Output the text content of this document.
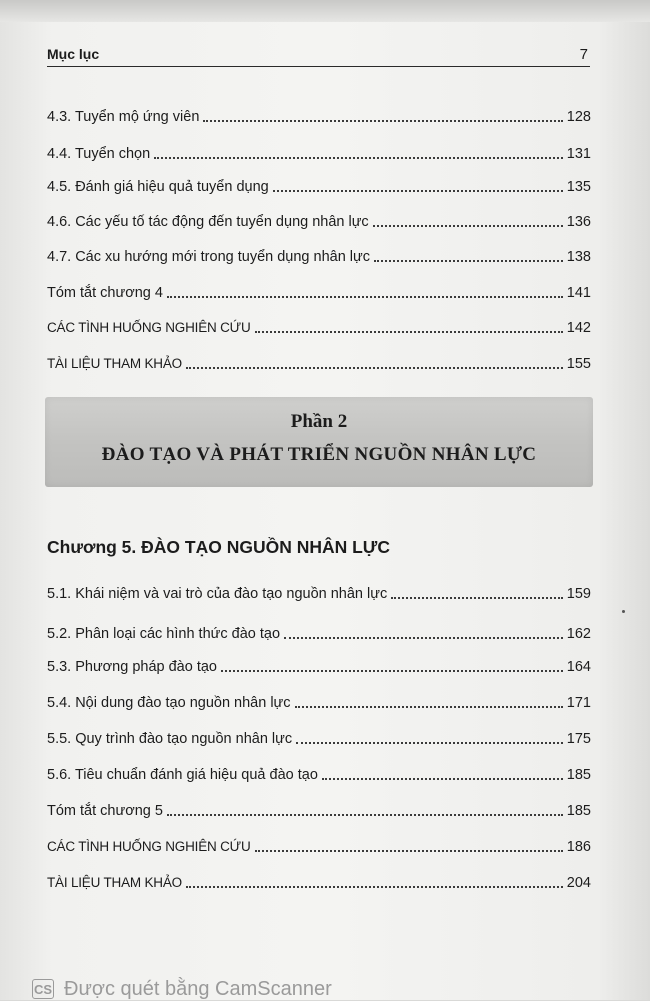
Mục lục	7
4.3. Tuyển mộ ứng viên	128
4.4. Tuyển chọn	131
4.5. Đánh giá hiệu quả tuyển dụng	135
4.6. Các yếu tố tác động đến tuyển dụng nhân lực	136
4.7. Các xu hướng mới trong tuyển dụng nhân lực	138
Tóm tắt chương 4	141
CÁC TÌNH HUỐNG NGHIÊN CỨU	142
TÀI LIỆU THAM KHẢO	155
Phần 2
ĐÀO TẠO VÀ PHÁT TRIỂN NGUỒN NHÂN LỰC
Chương 5. ĐÀO TẠO NGUỒN NHÂN LỰC
5.1. Khái niệm và vai trò của đào tạo nguồn nhân lực	159
5.2. Phân loại các hình thức đào tạo	162
5.3. Phương pháp đào tạo	164
5.4. Nội dung đào tạo nguồn nhân lực	171
5.5. Quy trình đào tạo nguồn nhân lực	175
5.6. Tiêu chuẩn đánh giá hiệu quả đào tạo	185
Tóm tắt chương 5	185
CÁC TÌNH HUỐNG NGHIÊN CỨU	186
TÀI LIỆU THAM KHẢO	204
CS Được quét bằng CamScanner
